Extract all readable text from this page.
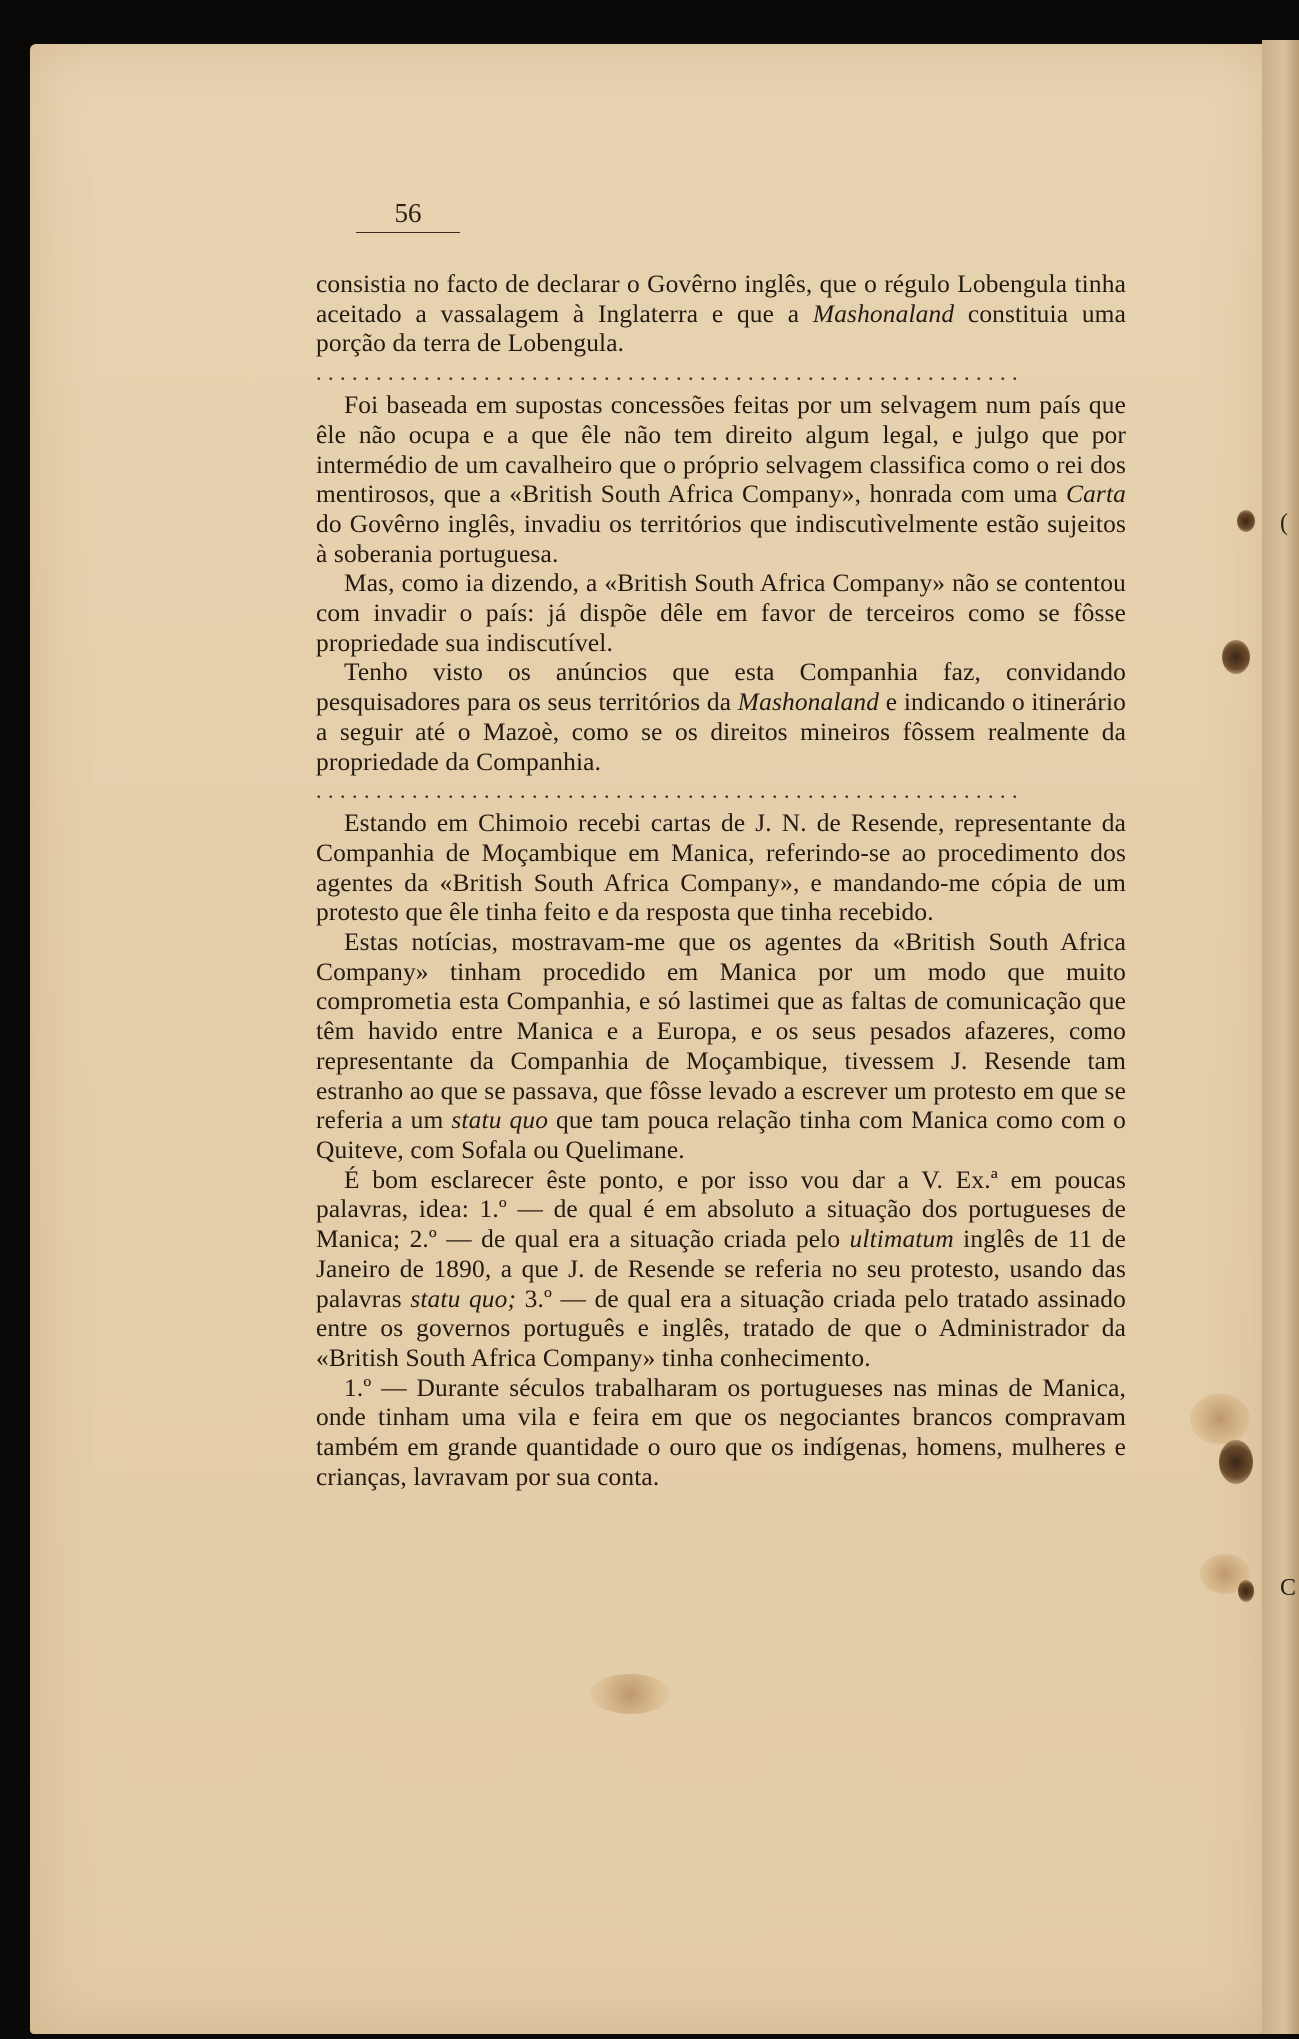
(
C
56

consistia no facto de declarar o Govêrno inglês, que o régulo Lobengula tinha aceitado a vassalagem à Inglaterra e que a Mashonaland constituia uma porção da terra de Lobengula.

...........................................................

Foi baseada em supostas concessões feitas por um selvagem num país que êle não ocupa e a que êle não tem direito algum legal, e julgo que por intermédio de um cavalheiro que o próprio selvagem classifica como o rei dos mentirosos, que a «British South Africa Company», honrada com uma Carta do Govêrno inglês, invadiu os territórios que indiscutìvelmente estão sujeitos à soberania portuguesa.

Mas, como ia dizendo, a «British South Africa Company» não se contentou com invadir o país: já dispõe dêle em favor de terceiros como se fôsse propriedade sua indiscutível.

Tenho visto os anúncios que esta Companhia faz, convidando pesquisadores para os seus territórios da Mashonaland e indicando o itinerário a seguir até o Mazoè, como se os direitos mineiros fôssem realmente da propriedade da Companhia.

...........................................................

Estando em Chimoio recebi cartas de J. N. de Resende, representante da Companhia de Moçambique em Manica, referindo-se ao procedimento dos agentes da «British South Africa Company», e mandando-me cópia de um protesto que êle tinha feito e da resposta que tinha recebido.

Estas notícias, mostravam-me que os agentes da «British South Africa Company» tinham procedido em Manica por um modo que muito comprometia esta Companhia, e só lastimei que as faltas de comunicação que têm havido entre Manica e a Europa, e os seus pesados afazeres, como representante da Companhia de Moçambique, tivessem J. Resende tam estranho ao que se passava, que fôsse levado a escrever um protesto em que se referia a um statu quo que tam pouca relação tinha com Manica como com o Quiteve, com Sofala ou Quelimane.

É bom esclarecer êste ponto, e por isso vou dar a V. Ex.ª em poucas palavras, idea: 1.º — de qual é em absoluto a situação dos portugueses de Manica; 2.º — de qual era a situação criada pelo ultimatum inglês de 11 de Janeiro de 1890, a que J. de Resende se referia no seu protesto, usando das palavras statu quo; 3.º — de qual era a situação criada pelo tratado assinado entre os governos português e inglês, tratado de que o Administrador da «British South Africa Company» tinha conhecimento.

1.º — Durante séculos trabalharam os portugueses nas minas de Manica, onde tinham uma vila e feira em que os negociantes brancos compravam também em grande quantidade o ouro que os indígenas, homens, mulheres e crianças, lavravam por sua conta.
